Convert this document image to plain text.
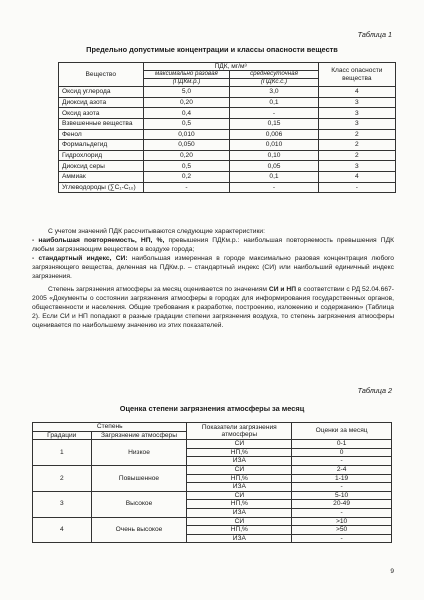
Таблица 1
Предельно допустимые концентрации и классы опасности веществ
Вещество	ПДК, мг/м³		Класс опасности вещества
	максимально разовая	среднесуточная	
	(ПДКм.р.)	(ПДКс.с.)	
Оксид углерода	5,0	3,0	4
Диоксид азота	0,20	0,1	3
Оксид азота	0,4	-	3
Взвешенные вещества	0,5	0,15	3
Фенол	0,010	0,006	2
Формальдегид	0,050	0,010	2
Гидрохлорид	0,20	0,10	2
Диоксид серы	0,5	0,05	3
Аммиак	0,2	0,1	4
Углеводороды (∑C₁-C₁₀)	-	-	-

С учетом значений ПДК рассчитываются следующие характеристики:

- наибольшая повторяемость, НП, %, превышения ПДКм.р.: наибольшая повторяемость превышения ПДК любым загрязняющим веществом в воздухе города;

- стандартный индекс, СИ: наибольшая измеренная в городе максимально разовая концентрация любого загрязняющего вещества, деленная на ПДКм.р. – стандартный индекс (СИ) или наибольший единичный индекс загрязнения.

Степень загрязнения атмосферы за месяц оценивается по значениям СИ и НП в соответствии с РД 52.04.667-2005 «Документы о состоянии загрязнения атмосферы в городах для информирования государственных органов, общественности и населения. Общие требования к разработке, построению, изложению и содержанию» (Таблица 2). Если СИ и НП попадают в разные градации степени загрязнения воздуха, то степень загрязнения атмосферы оценивается по наибольшему значению из этих показателей.

Таблица 2
Оценка степени загрязнения атмосферы за месяц
Степень		Показатели загрязнения атмосферы	Оценки за месяц
Градации	Загрязнение атмосферы		
1	Низкое	СИ	0-1
		НП,%	0
		ИЗА	-
2	Повышенное	СИ	2-4
		НП,%	1-19
		ИЗА	-
3	Высокое	СИ	5-10
		НП,%	20-49
		ИЗА	-
4	Очень высокое	СИ	>10
		НП,%	>50
		ИЗА	-
9
